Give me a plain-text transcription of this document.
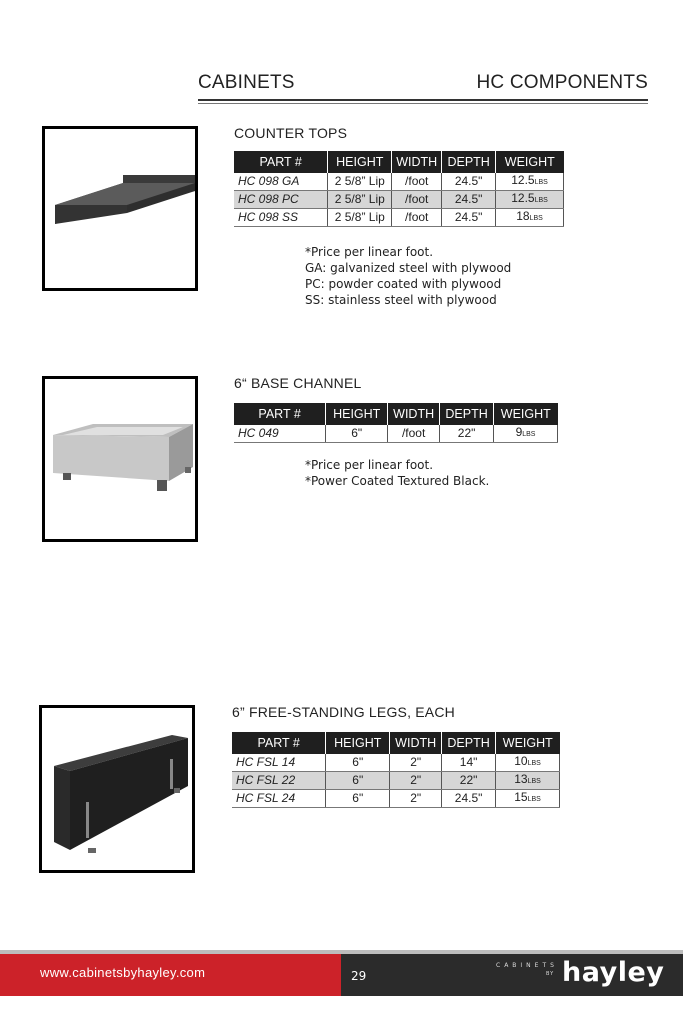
CABINETS	HC COMPONENTS
COUNTER TOPS
PART #	HEIGHT	WIDTH	DEPTH	WEIGHT
HC 098 GA	2 5/8” Lip	/foot	24.5"	12.5LBS
HC 098 PC	2 5/8” Lip	/foot	24.5"	12.5LBS
HC 098 SS	2 5/8” Lip	/foot	24.5"	18LBS
*Price per linear foot.
GA: galvanized steel with plywood
PC: powder coated with plywood
SS: stainless steel with plywood
6“ BASE CHANNEL
PART #	HEIGHT	WIDTH	DEPTH	WEIGHT
HC 049	6"	/foot	22"	9LBS
*Price per linear foot.
*Power Coated Textured Black.
6” FREE-STANDING LEGS, EACH
PART #	HEIGHT	WIDTH	DEPTH	WEIGHT
HC FSL 14	6"	2"	14"	10LBS
HC FSL 22	6"	2"	22"	13LBS
HC FSL 24	6"	2"	24.5"	15LBS
www.cabinetsbyhayley.com	29
CABINETS
BY hayley
